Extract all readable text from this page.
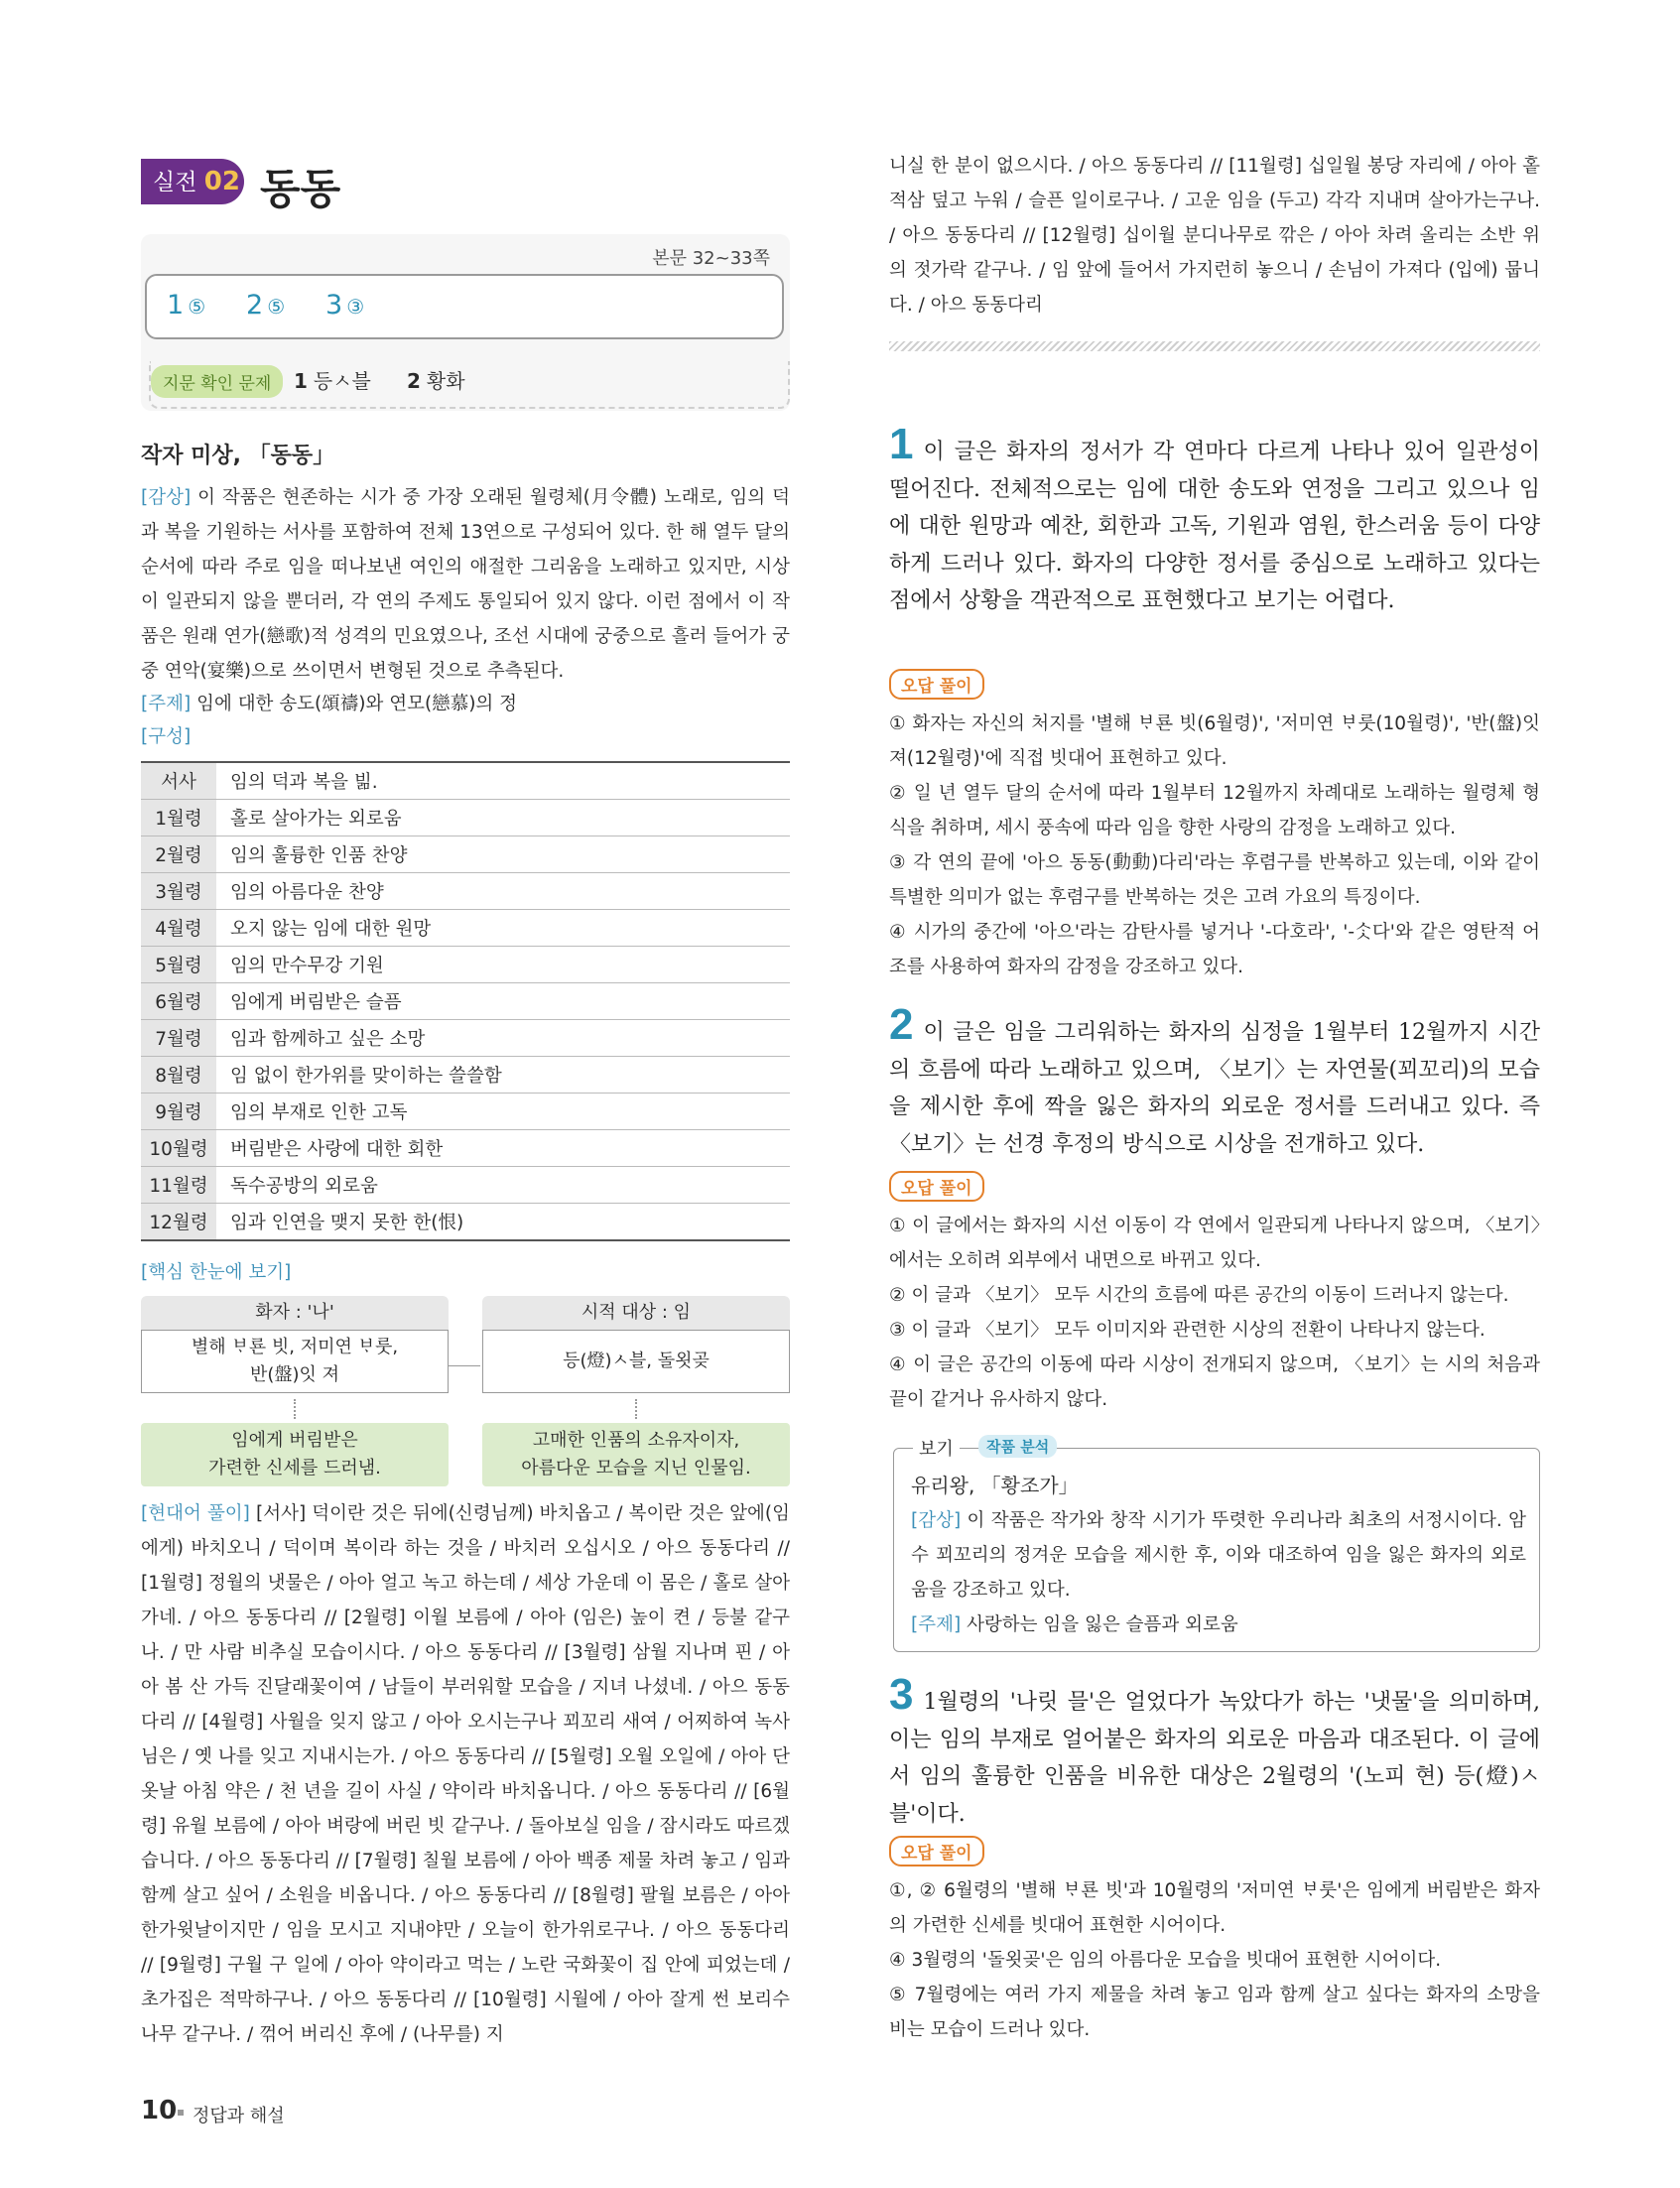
실전 02 동동
본문 32~33쪽
1 ⑤ 2 ⑤ 3 ③
지문 확인 문제	1 등ㅅ블 2 황화
작자 미상, 「동동」
[감상] 이 작품은 현존하는 시가 중 가장 오래된 월령체(月令體) 노래로, 임의 덕과 복을 기원하는 서사를 포함하여 전체 13연으로 구성되어 있다. 한 해 열두 달의 순서에 따라 주로 임을 떠나보낸 여인의 애절한 그리움을 노래하고 있지만, 시상이 일관되지 않을 뿐더러, 각 연의 주제도 통일되어 있지 않다. 이런 점에서 이 작품은 원래 연가(戀歌)적 성격의 민요였으나, 조선 시대에 궁중으로 흘러 들어가 궁중 연악(宴樂)으로 쓰이면서 변형된 것으로 추측된다.
[주제] 임에 대한 송도(頌禱)와 연모(戀慕)의 정
[구성]
서사	임의 덕과 복을 빎.
1월령	홀로 살아가는 외로움
2월령	임의 훌륭한 인품 찬양
3월령	임의 아름다운 찬양
4월령	오지 않는 임에 대한 원망
5월령	임의 만수무강 기원
6월령	임에게 버림받은 슬픔
7월령	임과 함께하고 싶은 소망
8월령	임 없이 한가위를 맞이하는 쓸쓸함
9월령	임의 부재로 인한 고독
10월령	버림받은 사랑에 대한 회한
11월령	독수공방의 외로움
12월령	임과 인연을 맺지 못한 한(恨)
[핵심 한눈에 보기]
화자 : '나'
별해 ᄇᆞ룐 빗, 저미연 ᄇᆞ룻,
반(盤)잇 져
시적 대상 : 임
등(燈)ㅅ블, 돌욋곶
임에게 버림받은
가련한 신세를 드러냄.
고매한 인품의 소유자이자,
아름다운 모습을 지닌 인물임.
[현대어 풀이] [서사] 덕이란 것은 뒤에(신령님께) 바치옵고 / 복이란 것은 앞에(임에게) 바치오니 / 덕이며 복이라 하는 것을 / 바치러 오십시오 / 아으 동동다리 // [1월령] 정월의 냇물은 / 아아 얼고 녹고 하는데 / 세상 가운데 이 몸은 / 홀로 살아가네. / 아으 동동다리 // [2월령] 이월 보름에 / 아아 (임은) 높이 켠 / 등불 같구나. / 만 사람 비추실 모습이시다. / 아으 동동다리 // [3월령] 삼월 지나며 핀 / 아아 봄 산 가득 진달래꽃이여 / 남들이 부러워할 모습을 / 지녀 나셨네. / 아으 동동다리 // [4월령] 사월을 잊지 않고 / 아아 오시는구나 꾀꼬리 새여 / 어찌하여 녹사님은 / 옛 나를 잊고 지내시는가. / 아으 동동다리 // [5월령] 오월 오일에 / 아아 단옷날 아침 약은 / 천 년을 길이 사실 / 약이라 바치옵니다. / 아으 동동다리 // [6월령] 유월 보름에 / 아아 벼랑에 버린 빗 같구나. / 돌아보실 임을 / 잠시라도 따르겠습니다. / 아으 동동다리 // [7월령] 칠월 보름에 / 아아 백종 제물 차려 놓고 / 임과 함께 살고 싶어 / 소원을 비옵니다. / 아으 동동다리 // [8월령] 팔월 보름은 / 아아 한가윗날이지만 / 임을 모시고 지내야만 / 오늘이 한가위로구나. / 아으 동동다리 // [9월령] 구월 구 일에 / 아아 약이라고 먹는 / 노란 국화꽃이 집 안에 피었는데 / 초가집은 적막하구나. / 아으 동동다리 // [10월령] 시월에 / 아아 잘게 썬 보리수나무 같구나. / 꺾어 버리신 후에 / (나무를) 지
10 정답과 해설
니실 한 분이 없으시다. / 아으 동동다리 // [11월령] 십일월 봉당 자리에 / 아아 홑적삼 덮고 누워 / 슬픈 일이로구나. / 고운 임을 (두고) 각각 지내며 살아가는구나. / 아으 동동다리 // [12월령] 십이월 분디나무로 깎은 / 아아 차려 올리는 소반 위의 젓가락 같구나. / 임 앞에 들어서 가지런히 놓으니 / 손님이 가져다 (입에) 뭅니다. / 아으 동동다리
1 이 글은 화자의 정서가 각 연마다 다르게 나타나 있어 일관성이 떨어진다. 전체적으로는 임에 대한 송도와 연정을 그리고 있으나 임에 대한 원망과 예찬, 회한과 고독, 기원과 염원, 한스러움 등이 다양하게 드러나 있다. 화자의 다양한 정서를 중심으로 노래하고 있다는 점에서 상황을 객관적으로 표현했다고 보기는 어렵다.
오답 풀이
① 화자는 자신의 처지를 '별해 ᄇᆞ룐 빗(6월령)', '저미연 ᄇᆞ룻(10월령)', '반(盤)잇 져(12월령)'에 직접 빗대어 표현하고 있다.
② 일 년 열두 달의 순서에 따라 1월부터 12월까지 차례대로 노래하는 월령체 형식을 취하며, 세시 풍속에 따라 임을 향한 사랑의 감정을 노래하고 있다.
③ 각 연의 끝에 '아으 동동(動動)다리'라는 후렴구를 반복하고 있는데, 이와 같이 특별한 의미가 없는 후렴구를 반복하는 것은 고려 가요의 특징이다.
④ 시가의 중간에 '아으'라는 감탄사를 넣거나 '-다호라', '-ᄉᆞᆺ다'와 같은 영탄적 어조를 사용하여 화자의 감정을 강조하고 있다.
2 이 글은 임을 그리워하는 화자의 심정을 1월부터 12월까지 시간의 흐름에 따라 노래하고 있으며, 〈보기〉는 자연물(꾀꼬리)의 모습을 제시한 후에 짝을 잃은 화자의 외로운 정서를 드러내고 있다. 즉 〈보기〉는 선경 후정의 방식으로 시상을 전개하고 있다.
오답 풀이
① 이 글에서는 화자의 시선 이동이 각 연에서 일관되게 나타나지 않으며, 〈보기〉에서는 오히려 외부에서 내면으로 바뀌고 있다.
② 이 글과 〈보기〉 모두 시간의 흐름에 따른 공간의 이동이 드러나지 않는다.
③ 이 글과 〈보기〉 모두 이미지와 관련한 시상의 전환이 나타나지 않는다.
④ 이 글은 공간의 이동에 따라 시상이 전개되지 않으며, 〈보기〉는 시의 처음과 끝이 같거나 유사하지 않다.
보기	작품 분석
유리왕, 「황조가」
[감상] 이 작품은 작가와 창작 시기가 뚜렷한 우리나라 최초의 서정시이다. 암수 꾀꼬리의 정겨운 모습을 제시한 후, 이와 대조하여 임을 잃은 화자의 외로움을 강조하고 있다.
[주제] 사랑하는 임을 잃은 슬픔과 외로움
3 1월령의 '나릿 믈'은 얼었다가 녹았다가 하는 '냇물'을 의미하며, 이는 임의 부재로 얼어붙은 화자의 외로운 마음과 대조된다. 이 글에서 임의 훌륭한 인품을 비유한 대상은 2월령의 '(노피 현) 등(燈)ㅅ블'이다.
오답 풀이
①, ② 6월령의 '별해 ᄇᆞ룐 빗'과 10월령의 '저미연 ᄇᆞ룻'은 임에게 버림받은 화자의 가련한 신세를 빗대어 표현한 시어이다.
④ 3월령의 '돌욋곶'은 임의 아름다운 모습을 빗대어 표현한 시어이다.
⑤ 7월령에는 여러 가지 제물을 차려 놓고 임과 함께 살고 싶다는 화자의 소망을 비는 모습이 드러나 있다.
